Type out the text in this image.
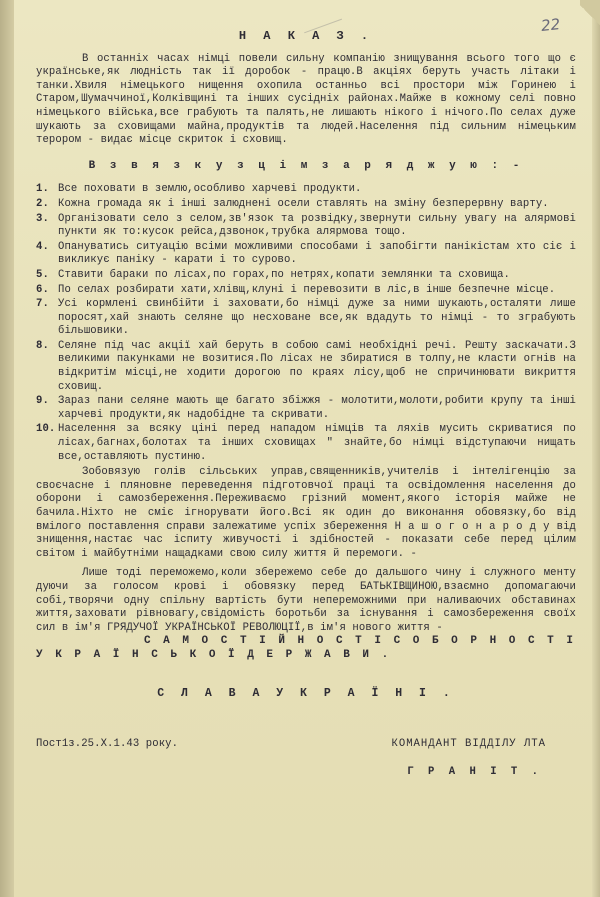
22
Н А К А З .

В останніх часах німці повели сильну компанію знищування всього того що є українське,як людність так ії доробок - працю.В акціях беруть участь літаки і танки.Хвиля німецького нищення охопила останньо всі простори між Горинею і Старом,Шумаччиної,Колківщині та інших сусідніх районах.Майже в кожному селі повно німецького війська,все грабують та палять,не лишають нікого і нічого.По селах дуже шукають за сховищами майна,продуктів та людей.Населення під сильним німецьким терором - видає місце скриток і сховищ.

В з в я з к у з ц і м з а р я д ж у ю : -
1. Все поховати в землю,особливо харчеві продукти.
2. Кожна громада як і інші залюднені осели ставлять на зміну безперервну варту.
3. Організовати село з селом,зв'язок та розвідку,звернути сильну увагу на алярмові пункти як то:кусок рейса,дзвонок,трубка алярмова тощо.
4. Опануватись ситуацію всіми можливими способами і запобігти панікістам хто сіє і викликує паніку - карати і то сурово.
5. Ставити бараки по лісах,по горах,по нетрях,копати землянки та сховища.
6. По селах розбирати хати,хлівщ,клуні і перевозити в ліс,в інше безпечне місце.
7. Усі кормлені свинбійти і заховати,бо німці дуже за ними шукають,осталяти лише поросят,хай знають селяне що несховане все,як вдадуть то німці - то зграбують більшовики.
8. Селяне під час акції хай беруть в собою самі необхідні речі. Решту заскачати.З великими пакунками не возитися.По лісах не збиратися в толпу,не класти огнів на відкритім місці,не ходити дорогою по краях лісу,щоб не спричинювати викриття сховищ.
9. Зараз пани селяне мають ще багато збіжжя - молотити,молоти,робити крупу та інші харчеві продукти,як надобідне та скривати.
10. Населення за всяку ціні перед нападом німців та ляхів мусить скриватися по лісах,багнах,болотах та інших сховищах " знайте,бо німці відступаючи нищать все,оставляють пустиню.

Зобовязую голів сільських управ,священників,учителів і інтелігенцію за своєчасне і пляновне переведення підготовчої праці та освідомлення населення до оборони і самозбереження.Переживаємо грізний момент,якого історія майже не бачила.Ніхто не сміє ігнорувати його.Всі як один до виконання обовязку,бо від вмілого поставлення справи залежатиме успіх збереження Н а ш о г о н а р о д у від знищення,настає час іспиту живучості і здібностей - показати себе перед цілим світом і майбутніми нащадками свою силу життя й перемоги. -

Лише тоді переможемо,коли збережемо себе до дальшого чину і служного менту дуючи за голосом крові і обовязку перед БАТЬКІВЩИНОЮ,взаємно допомагаючи собі,творячи одну спільну вартість бути непереможними при наливаючих обставинах життя,заховати рівновагу,свідомість боротьби за існування і самозбереження своїх сил в ім'я ГРЯДУЧОЇ УКРАЇНСЬКОЇ РЕВОЛЮЦІЇ,в ім'я нового життя -

С А М О С Т І Й Н О С Т І С О Б О Р Н О С Т І

У К Р А Ї Н С Ь К О Ї Д Е Р Ж А В И .

С Л А В А У К Р А Ї Н І .
Пост1з.25.Х.1.43 року.	КОМАНДАНТ ВІДДІЛУ ЛТА
Г Р А Н І Т .
